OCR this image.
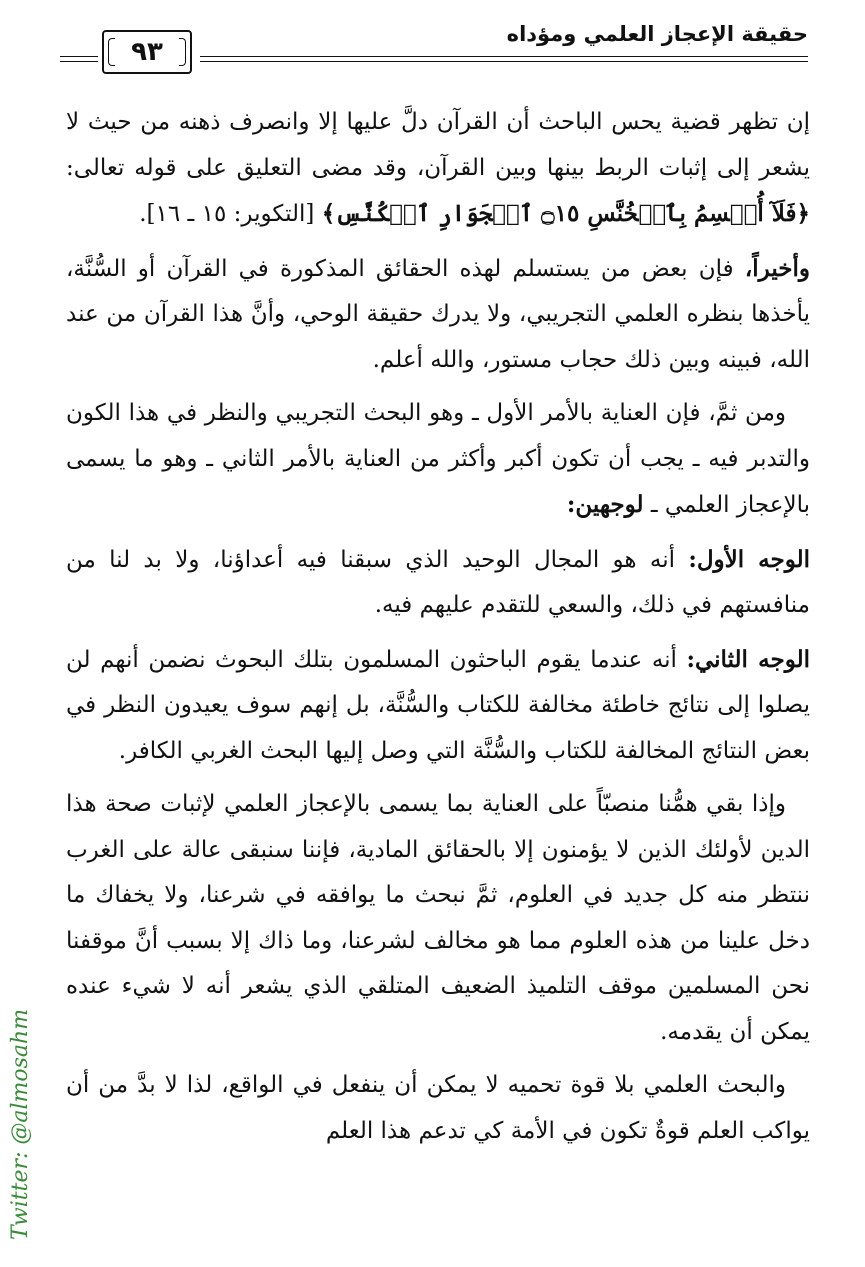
حقيقة الإعجاز العلمي ومؤداه
٩٣

إن تظهر قضية يحس الباحث أن القرآن دلَّ عليها إلا وانصرف ذهنه من حيث لا يشعر إلى إثبات الربط بينها وبين القرآن، وقد مضى التعليق على قوله تعالى: ﴿فَلَآ أُقۡسِمُ بِٱلۡخُنَّسِ ۝١٥ ٱلۡجَوَارِ ٱلۡكُنَّسِ﴾ [التكوير: ١٥ ـ ١٦].

وأخيراً، فإن بعض من يستسلم لهذه الحقائق المذكورة في القرآن أو السُّنَّة، يأخذها بنظره العلمي التجريبي، ولا يدرك حقيقة الوحي، وأنَّ هذا القرآن من عند الله، فبينه وبين ذلك حجاب مستور، والله أعلم.

ومن ثمَّ، فإن العناية بالأمر الأول ـ وهو البحث التجريبي والنظر في هذا الكون والتدبر فيه ـ يجب أن تكون أكبر وأكثر من العناية بالأمر الثاني ـ وهو ما يسمى بالإعجاز العلمي ـ لوجهين:

الوجه الأول: أنه هو المجال الوحيد الذي سبقنا فيه أعداؤنا، ولا بد لنا من منافستهم في ذلك، والسعي للتقدم عليهم فيه.

الوجه الثاني: أنه عندما يقوم الباحثون المسلمون بتلك البحوث نضمن أنهم لن يصلوا إلى نتائج خاطئة مخالفة للكتاب والسُّنَّة، بل إنهم سوف يعيدون النظر في بعض النتائج المخالفة للكتاب والسُّنَّة التي وصل إليها البحث الغربي الكافر.

وإذا بقي همُّنا منصبّاً على العناية بما يسمى بالإعجاز العلمي لإثبات صحة هذا الدين لأولئك الذين لا يؤمنون إلا بالحقائق المادية، فإننا سنبقى عالة على الغرب ننتظر منه كل جديد في العلوم، ثمَّ نبحث ما يوافقه في شرعنا، ولا يخفاك ما دخل علينا من هذه العلوم مما هو مخالف لشرعنا، وما ذاك إلا بسبب أنَّ موقفنا نحن المسلمين موقف التلميذ الضعيف المتلقي الذي يشعر أنه لا شيء عنده يمكن أن يقدمه.

والبحث العلمي بلا قوة تحميه لا يمكن أن ينفعل في الواقع، لذا لا بدَّ من أن يواكب العلم قوةٌ تكون في الأمة كي تدعم هذا العلم

Twitter: @almosahm
